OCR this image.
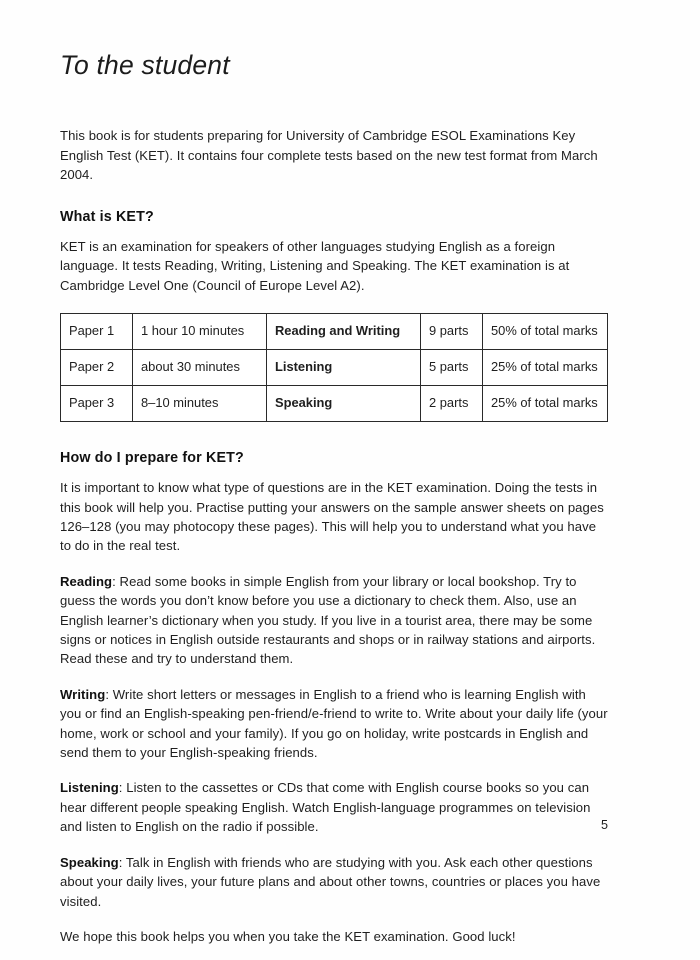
To the student

This book is for students preparing for University of Cambridge ESOL Examinations Key English Test (KET). It contains four complete tests based on the new test format from March 2004.

What is KET?

KET is an examination for speakers of other languages studying English as a foreign language. It tests Reading, Writing, Listening and Speaking. The KET examination is at Cambridge Level One (Council of Europe Level A2).

Paper 1	1 hour 10 minutes	Reading and Writing	9 parts	50% of total marks
Paper 2	about 30 minutes	Listening	5 parts	25% of total marks
Paper 3	8–10 minutes	Speaking	2 parts	25% of total marks
How do I prepare for KET?

It is important to know what type of questions are in the KET examination. Doing the tests in this book will help you. Practise putting your answers on the sample answer sheets on pages 126–128 (you may photocopy these pages). This will help you to understand what you have to do in the real test.

Reading: Read some books in simple English from your library or local bookshop. Try to guess the words you don’t know before you use a dictionary to check them. Also, use an English learner’s dictionary when you study. If you live in a tourist area, there may be some signs or notices in English outside restaurants and shops or in railway stations and airports. Read these and try to understand them.

Writing: Write short letters or messages in English to a friend who is learning English with you or find an English-speaking pen-friend/e-friend to write to. Write about your daily life (your home, work or school and your family). If you go on holiday, write postcards in English and send them to your English-speaking friends.

Listening: Listen to the cassettes or CDs that come with English course books so you can hear different people speaking English. Watch English-language programmes on television and listen to English on the radio if possible.

Speaking: Talk in English with friends who are studying with you. Ask each other questions about your daily lives, your future plans and about other towns, countries or places you have visited.

We hope this book helps you when you take the KET examination. Good luck!

5
